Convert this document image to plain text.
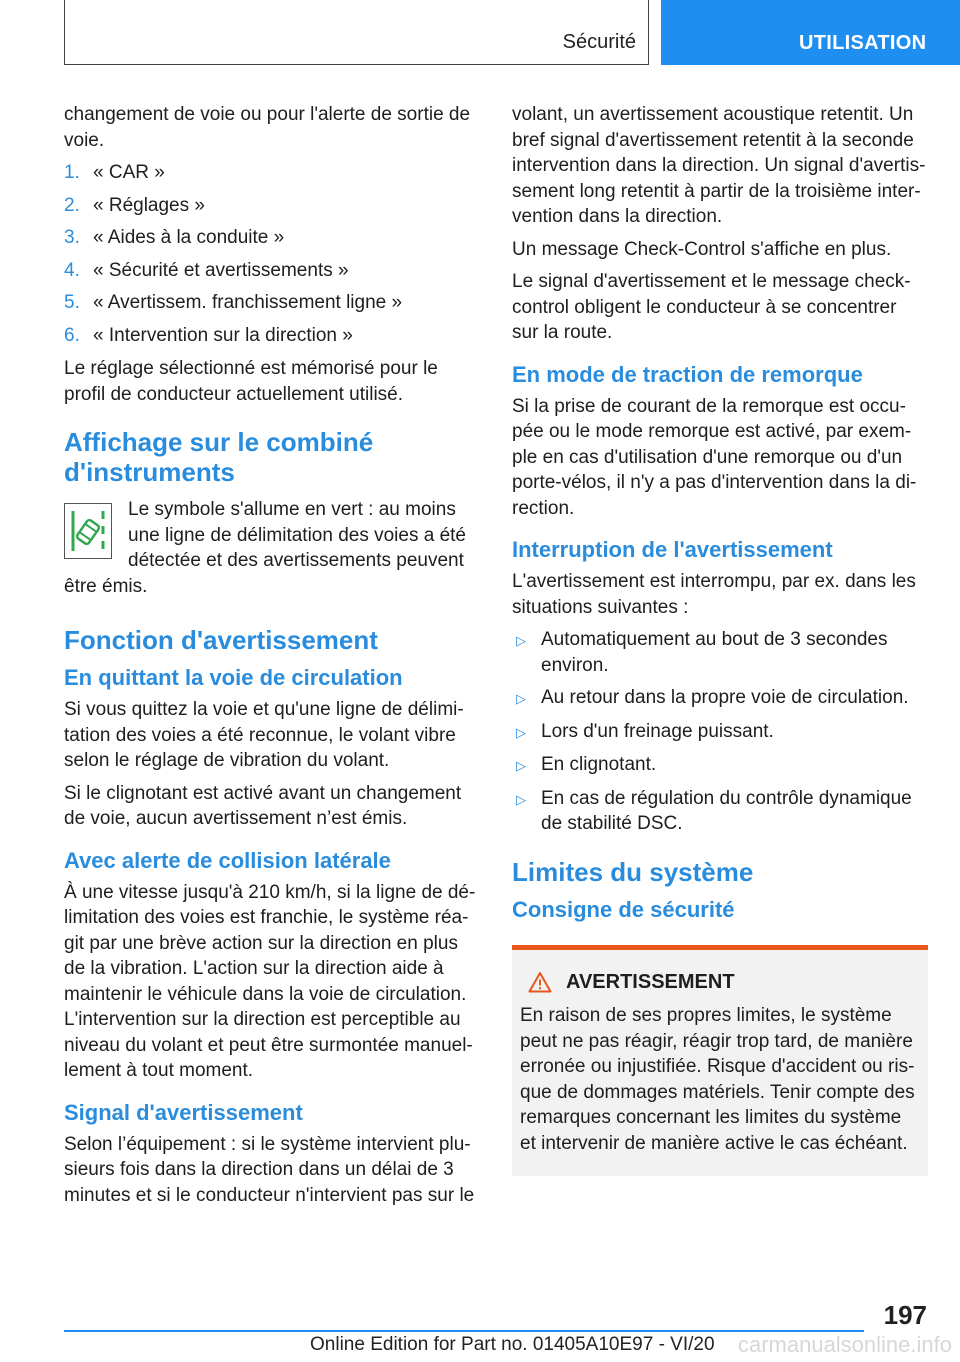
Sécurité	UTILISATION

changement de voie ou pour l'alerte de sortie de voie.

1. « CAR »
2. « Réglages »
3. « Aides à la conduite »
4. « Sécurité et avertissements »
5. « Avertissem. franchissement ligne »
6. « Intervention sur la direction »

Le réglage sélectionné est mémorisé pour le profil de conducteur actuellement utilisé.

Affichage sur le combiné d'instruments

Le symbole s'allume en vert : au moins une ligne de délimitation des voies a été détectée et des avertissements peuvent être émis.

Fonction d'avertissement
En quittant la voie de circulation

Si vous quittez la voie et qu'une ligne de délimi‐tation des voies a été reconnue, le volant vibre selon le réglage de vibration du volant.

Si le clignotant est activé avant un changement de voie, aucun avertissement n’est émis.

Avec alerte de collision latérale

À une vitesse jusqu'à 210 km/h, si la ligne de dé‐limitation des voies est franchie, le système réa‐git par une brève action sur la direction en plus de la vibration. L'action sur la direction aide à maintenir le véhicule dans la voie de circulation. L'intervention sur la direction est perceptible au niveau du volant et peut être surmontée manuel‐lement à tout moment.

Signal d'avertissement

Selon l’équipement : si le système intervient plu‐sieurs fois dans la direction dans un délai de 3 minutes et si le conducteur n'intervient pas sur le

volant, un avertissement acoustique retentit. Un bref signal d'avertissement retentit à la seconde intervention dans la direction. Un signal d'avertis‐sement long retentit à partir de la troisième inter‐vention dans la direction.

Un message Check-Control s'affiche en plus.

Le signal d'avertissement et le message check-control obligent le conducteur à se concentrer sur la route.

En mode de traction de remorque

Si la prise de courant de la remorque est occu‐pée ou le mode remorque est activé, par exem‐ple en cas d'utilisation d'une remorque ou d'un porte-vélos, il n'y a pas d'intervention dans la di‐rection.

Interruption de l'avertissement

L'avertissement est interrompu, par ex. dans les situations suivantes :

▷ Automatiquement au bout de 3 secondes environ.
▷ Au retour dans la propre voie de circulation.
▷ Lors d'un freinage puissant.
▷ En clignotant.
▷ En cas de régulation du contrôle dynamique de stabilité DSC.
Limites du système
Consigne de sécurité
AVERTISSEMENT
En raison de ses propres limites, le système peut ne pas réagir, réagir trop tard, de manière erronée ou injustifiée. Risque d'accident ou ris‐que de dommages matériels. Tenir compte des remarques concernant les limites du système et intervenir de manière active le cas échéant.
197
Online Edition for Part no. 01405A10E97 - VI/20 carmanualsonline.info
